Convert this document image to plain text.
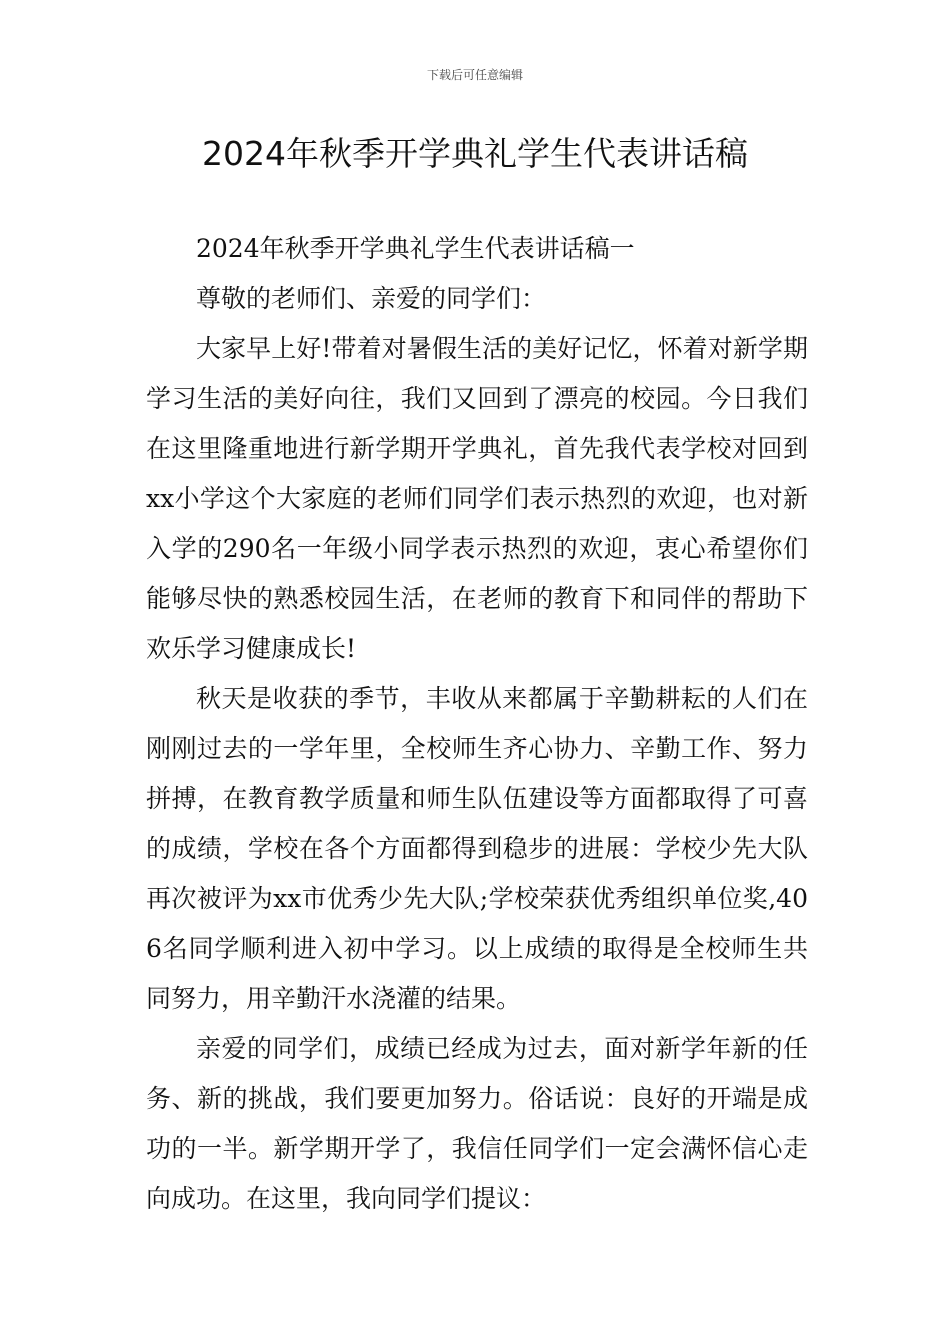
下载后可任意编辑
2024年秋季开学典礼学生代表讲话稿

2024年秋季开学典礼学生代表讲话稿一

尊敬的老师们、亲爱的同学们：

大家早上好!带着对暑假生活的美好记忆，怀着对新学期学习生活的美好向往，我们又回到了漂亮的校园。今日我们在这里隆重地进行新学期开学典礼，首先我代表学校对回到xx小学这个大家庭的老师们同学们表示热烈的欢迎，也对新入学的290名一年级小同学表示热烈的欢迎，衷心希望你们能够尽快的熟悉校园生活，在老师的教育下和同伴的帮助下欢乐学习健康成长!

秋天是收获的季节，丰收从来都属于辛勤耕耘的人们在刚刚过去的一学年里，全校师生齐心协力、辛勤工作、努力拼搏，在教育教学质量和师生队伍建设等方面都取得了可喜的成绩，学校在各个方面都得到稳步的进展：学校少先大队再次被评为xx市优秀少先大队;学校荣获优秀组织单位奖,406名同学顺利进入初中学习。以上成绩的取得是全校师生共同努力，用辛勤汗水浇灌的结果。

亲爱的同学们，成绩已经成为过去，面对新学年新的任务、新的挑战，我们要更加努力。俗话说：良好的开端是成功的一半。新学期开学了，我信任同学们一定会满怀信心走向成功。在这里，我向同学们提议：
